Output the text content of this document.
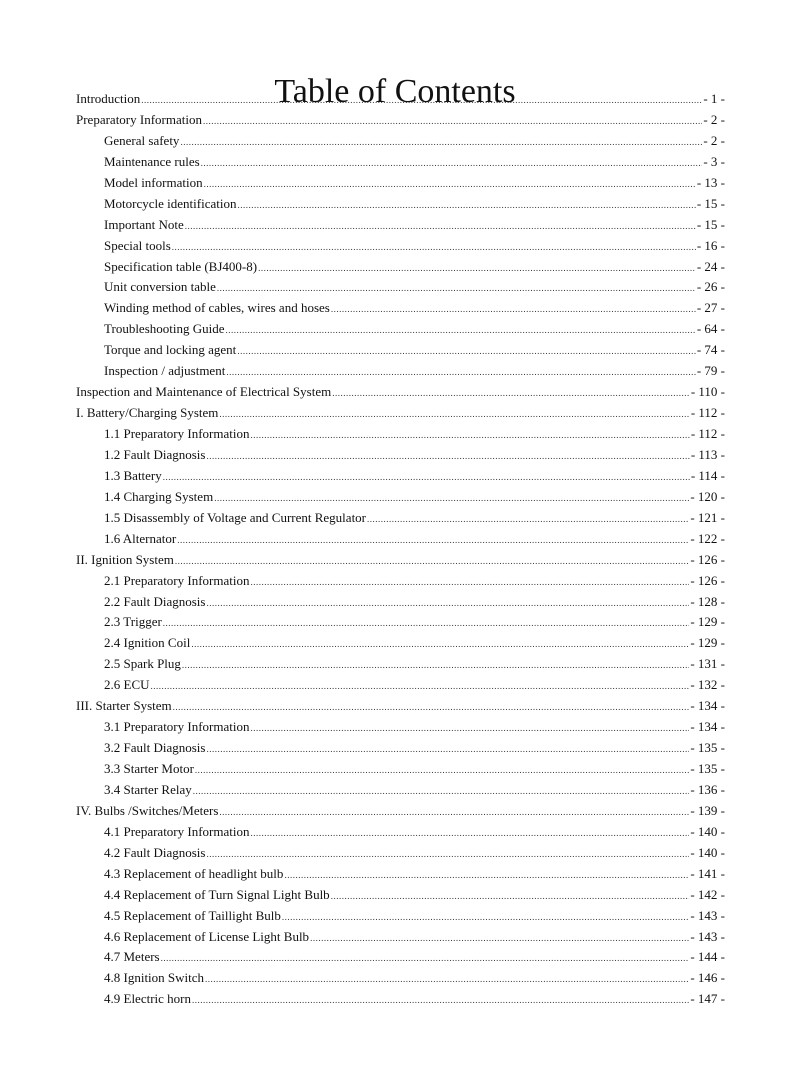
Table of Contents
Introduction .....	- 1 -
Preparatory Information .....	- 2 -
General safety .....	- 2 -
Maintenance rules .....	- 3 -
Model information .....	- 13 -
Motorcycle identification .....	- 15 -
Important Note .....	- 15 -
Special tools .....	- 16 -
Specification table (BJ400-8) .....	- 24 -
Unit conversion table .....	- 26 -
Winding method of cables, wires and hoses .....	- 27 -
Troubleshooting Guide .....	- 64 -
Torque and locking agent .....	- 74 -
Inspection / adjustment .....	- 79 -
Inspection and Maintenance of Electrical System .....	- 110 -
I. Battery/Charging System .....	- 112 -
1.1 Preparatory Information .....	- 112 -
1.2 Fault Diagnosis .....	- 113 -
1.3 Battery .....	- 114 -
1.4 Charging System .....	- 120 -
1.5 Disassembly of Voltage and Current Regulator .....	- 121 -
1.6 Alternator .....	- 122 -
II. Ignition System .....	- 126 -
2.1 Preparatory Information .....	- 126 -
2.2 Fault Diagnosis .....	- 128 -
2.3 Trigger .....	- 129 -
2.4 Ignition Coil .....	- 129 -
2.5 Spark Plug .....	- 131 -
2.6 ECU .....	- 132 -
III. Starter System .....	- 134 -
3.1 Preparatory Information .....	- 134 -
3.2 Fault Diagnosis .....	- 135 -
3.3 Starter Motor .....	- 135 -
3.4 Starter Relay .....	- 136 -
IV. Bulbs /Switches/Meters .....	- 139 -
4.1 Preparatory Information .....	- 140 -
4.2 Fault Diagnosis .....	- 140 -
4.3 Replacement of headlight bulb .....	- 141 -
4.4 Replacement of Turn Signal Light Bulb .....	- 142 -
4.5 Replacement of Taillight Bulb .....	- 143 -
4.6 Replacement of License Light Bulb .....	- 143 -
4.7 Meters .....	- 144 -
4.8 Ignition Switch .....	- 146 -
4.9 Electric horn .....	- 147 -
